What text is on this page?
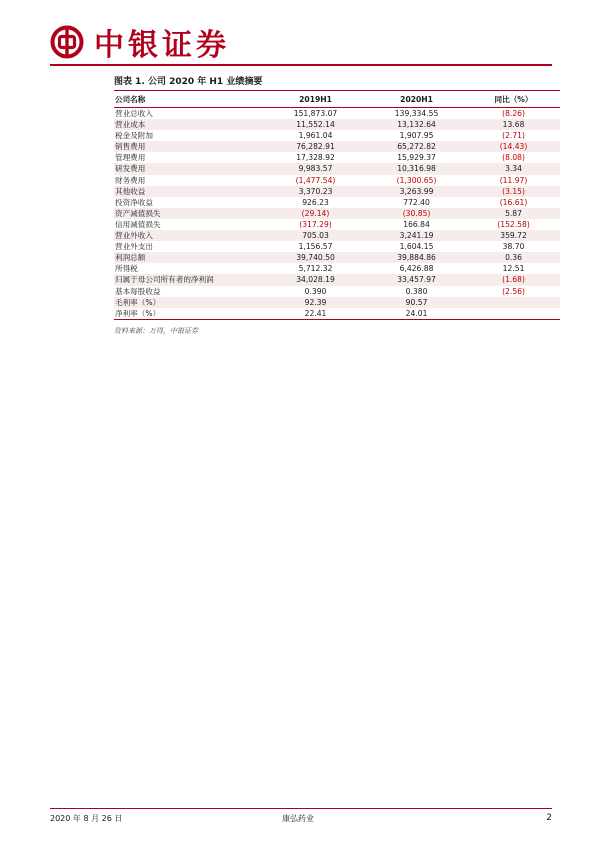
中银证券
图表 1. 公司 2020 年 H1 业绩摘要
公司名称	2019H1	2020H1	同比（%）
营业总收入	151,873.07	139,334.55	(8.26)
营业成本	11,552.14	13,132.64	13.68
税金及附加	1,961.04	1,907.95	(2.71)
销售费用	76,282.91	65,272.82	(14.43)
管理费用	17,328.92	15,929.37	(8.08)
研发费用	9,983.57	10,316.98	3.34
财务费用	(1,477.54)	(1,300.65)	(11.97)
其他收益	3,370.23	3,263.99	(3.15)
投资净收益	926.23	772.40	(16.61)
资产减值损失	(29.14)	(30.85)	5.87
信用减值损失	(317.29)	166.84	(152.58)
营业外收入	705.03	3,241.19	359.72
营业外支出	1,156.57	1,604.15	38.70
利润总额	39,740.50	39,884.86	0.36
所得税	5,712.32	6,426.88	12.51
归属于母公司所有者的净利润	34,028.19	33,457.97	(1.68)
基本每股收益	0.390	0.380	(2.56)
毛利率（%）	92.39	90.57	
净利率（%）	22.41	24.01	
资料来源：万得，中银证券
2020 年 8 月 26 日	康弘药业	2
